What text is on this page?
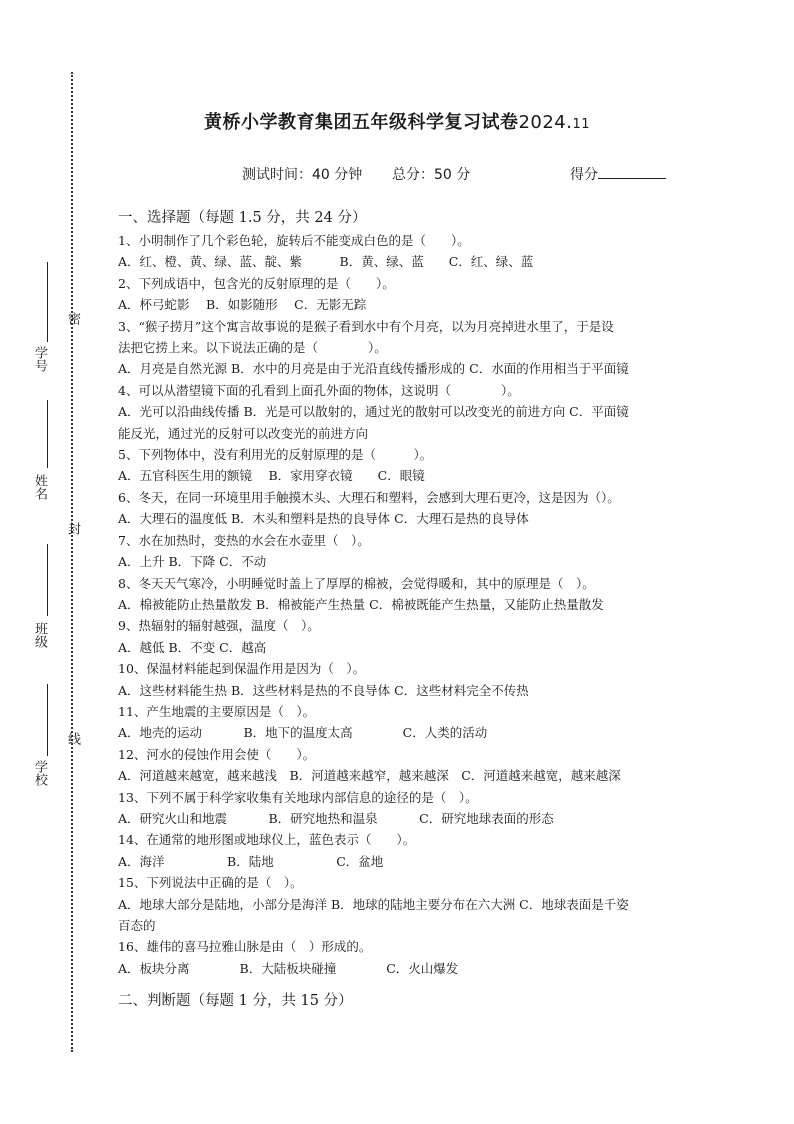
密
封
线
学号
姓名
班级
学校
黄桥小学教育集团五年级科学复习试卷2024.11
测试时间：40 分钟 总分：50 分	得分
一、选择题（每题 1.5 分，共 24 分）
1、小明制作了几个彩色轮，旋转后不能变成白色的是（　　）。
A．红、橙、黄、绿、蓝、靛、紫　　　B．黄、绿、蓝　　C．红、绿、蓝
2、下列成语中，包含光的反射原理的是（　　）。
A．杯弓蛇影　 B．如影随形　 C．无影无踪
3、“猴子捞月”这个寓言故事说的是猴子看到水中有个月亮，以为月亮掉进水里了，于是设
法把它捞上来。以下说法正确的是（　　　　）。
A．月亮是自然光源 B．水中的月亮是由于光沿直线传播形成的 C．水面的作用相当于平面镜
4、可以从潜望镜下面的孔看到上面孔外面的物体，这说明（　　　　）。
A．光可以沿曲线传播 B．光是可以散射的，通过光的散射可以改变光的前进方向 C．平面镜
能反光，通过光的反射可以改变光的前进方向
5、下列物体中，没有利用光的反射原理的是（　　　）。
A．五官科医生用的额镜　 B．家用穿衣镜　　C．眼镜
6、冬天，在同一环境里用手触摸木头、大理石和塑料，会感到大理石更冷，这是因为（）。
A．大理石的温度低 B．木头和塑料是热的良导体 C．大理石是热的良导体
7、水在加热时，变热的水会在水壶里（　）。
A．上升 B．下降 C．不动
8、冬天天气寒冷，小明睡觉时盖上了厚厚的棉被，会觉得暖和，其中的原理是（　）。
A．棉被能防止热量散发 B．棉被能产生热量 C．棉被既能产生热量，又能防止热量散发
9、热辐射的辐射越强，温度（　）。
A．越低 B．不变 C．越高
10、保温材料能起到保温作用是因为（　）。
A．这些材料能生热 B．这些材料是热的不良导体 C．这些材料完全不传热
11、产生地震的主要原因是（　）。
A．地壳的运动　　　 B．地下的温度太高　　　　C．人类的活动
12、河水的侵蚀作用会使（　　）。
A．河道越来越宽，越来越浅　B．河道越来越窄，越来越深　C．河道越来越宽，越来越深
13、下列不属于科学家收集有关地球内部信息的途径的是（　）。
A．研究火山和地震　　　 B．研究地热和温泉　　　 C．研究地球表面的形态
14、在通常的地形图或地球仪上，蓝色表示（　　）。
A．海洋　　　　　B．陆地　　　　　C．盆地
15、下列说法中正确的是（　）。
A．地球大部分是陆地，小部分是海洋 B．地球的陆地主要分布在六大洲 C．地球表面是千姿
百态的
16、雄伟的喜马拉雅山脉是由（　）形成的。
A．板块分离　　　　B．大陆板块碰撞　　　　C．火山爆发
二、判断题（每题 1 分，共 15 分）
